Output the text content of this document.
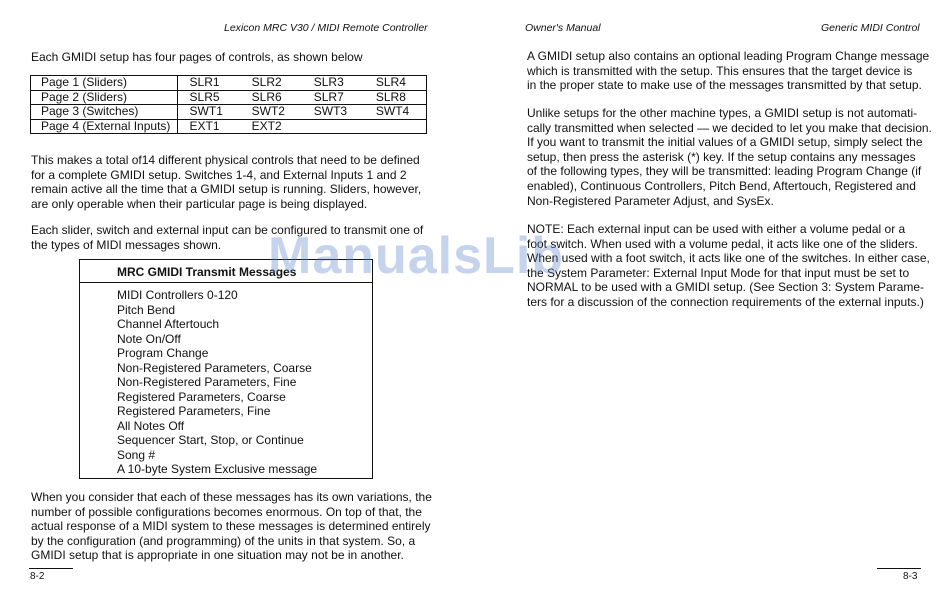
Lexicon MRC V30 / MIDI Remote Controller

Each GMIDI setup has four pages of controls, as shown below

Page 1 (Sliders)	SLR1	SLR2	SLR3	SLR4
Page 2 (Sliders)	SLR5	SLR6	SLR7	SLR8
Page 3 (Switches)	SWT1	SWT2	SWT3	SWT4
Page 4 (External Inputs)	EXT1	EXT2		
This makes a total of14 different physical controls that need to be defined
for a complete GMIDI setup. Switches 1-4, and External Inputs 1 and 2
remain active all the time that a GMIDI setup is running. Sliders, however,
are only operable when their particular page is being displayed.
Each slider, switch and external input can be configured to transmit one of
the types of MIDI messages shown.
MRC GMIDI Transmit Messages
MIDI Controllers 0-120
Pitch Bend
Channel Aftertouch
Note On/Off
Program Change
Non-Registered Parameters, Coarse
Non-Registered Parameters, Fine
Registered Parameters, Coarse
Registered Parameters, Fine
All Notes Off
Sequencer Start, Stop, or Continue
Song #
A 10-byte System Exclusive message
When you consider that each of these messages has its own variations, the
number of possible configurations becomes enormous. On top of that, the
actual response of a MIDI system to these messages is determined entirely
by the configuration (and programming) of the units in that system. So, a
GMIDI setup that is appropriate in one situation may not be in another.
8-2
Owner's Manual	Generic MIDI Control
A GMIDI setup also contains an optional leading Program Change message
which is transmitted with the setup. This ensures that the target device is
in the proper state to make use of the messages transmitted by that setup.
Unlike setups for the other machine types, a GMIDI setup is not automati-
cally transmitted when selected — we decided to let you make that decision.
If you want to transmit the initial values of a GMIDI setup, simply select the
setup, then press the asterisk (*) key. If the setup contains any messages
of the following types, they will be transmitted: leading Program Change (if
enabled), Continuous Controllers, Pitch Bend, Aftertouch, Registered and
Non-Registered Parameter Adjust, and SysEx.
NOTE: Each external input can be used with either a volume pedal or a
foot switch. When used with a volume pedal, it acts like one of the sliders.
When used with a foot switch, it acts like one of the switches. In either case,
the System Parameter: External Input Mode for that input must be set to
NORMAL to be used with a GMIDI setup. (See Section 3: System Parame-
ters for a discussion of the connection requirements of the external inputs.)
8-3
ManualsLib
